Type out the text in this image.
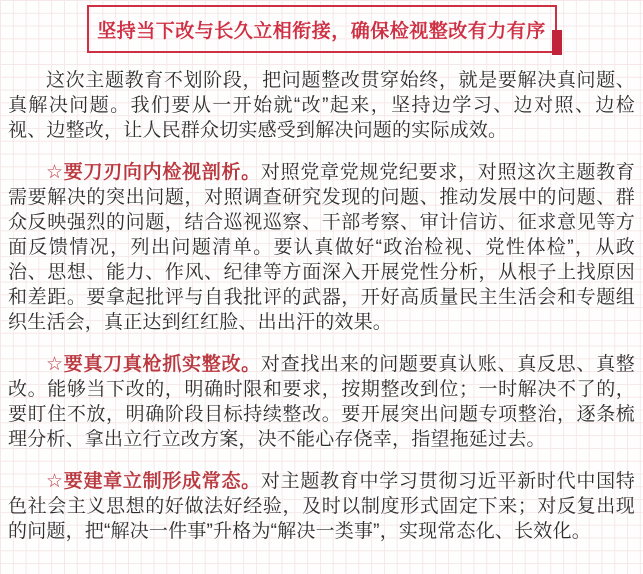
坚持当下改与长久立相衔接，确保检视整改有力有序

这次主题教育不划阶段，把问题整改贯穿始终，就是要解决真问题、真解决问题。我们要从一开始就“改”起来，坚持边学习、边对照、边检视、边整改，让人民群众切实感受到解决问题的实际成效。

☆要刀刃向内检视剖析。对照党章党规党纪要求，对照这次主题教育需要解决的突出问题，对照调查研究发现的问题、推动发展中的问题、群众反映强烈的问题，结合巡视巡察、干部考察、审计信访、征求意见等方面反馈情况，列出问题清单。要认真做好“政治检视、党性体检”，从政治、思想、能力、作风、纪律等方面深入开展党性分析，从根子上找原因和差距。要拿起批评与自我批评的武器，开好高质量民主生活会和专题组织生活会，真正达到红红脸、出出汗的效果。

☆要真刀真枪抓实整改。对查找出来的问题要真认账、真反思、真整改。能够当下改的，明确时限和要求，按期整改到位；一时解决不了的，要盯住不放，明确阶段目标持续整改。要开展突出问题专项整治，逐条梳理分析、拿出立行立改方案，决不能心存侥幸，指望拖延过去。

☆要建章立制形成常态。对主题教育中学习贯彻习近平新时代中国特色社会主义思想的好做法好经验，及时以制度形式固定下来；对反复出现的问题，把“解决一件事”升格为“解决一类事”，实现常态化、长效化。
